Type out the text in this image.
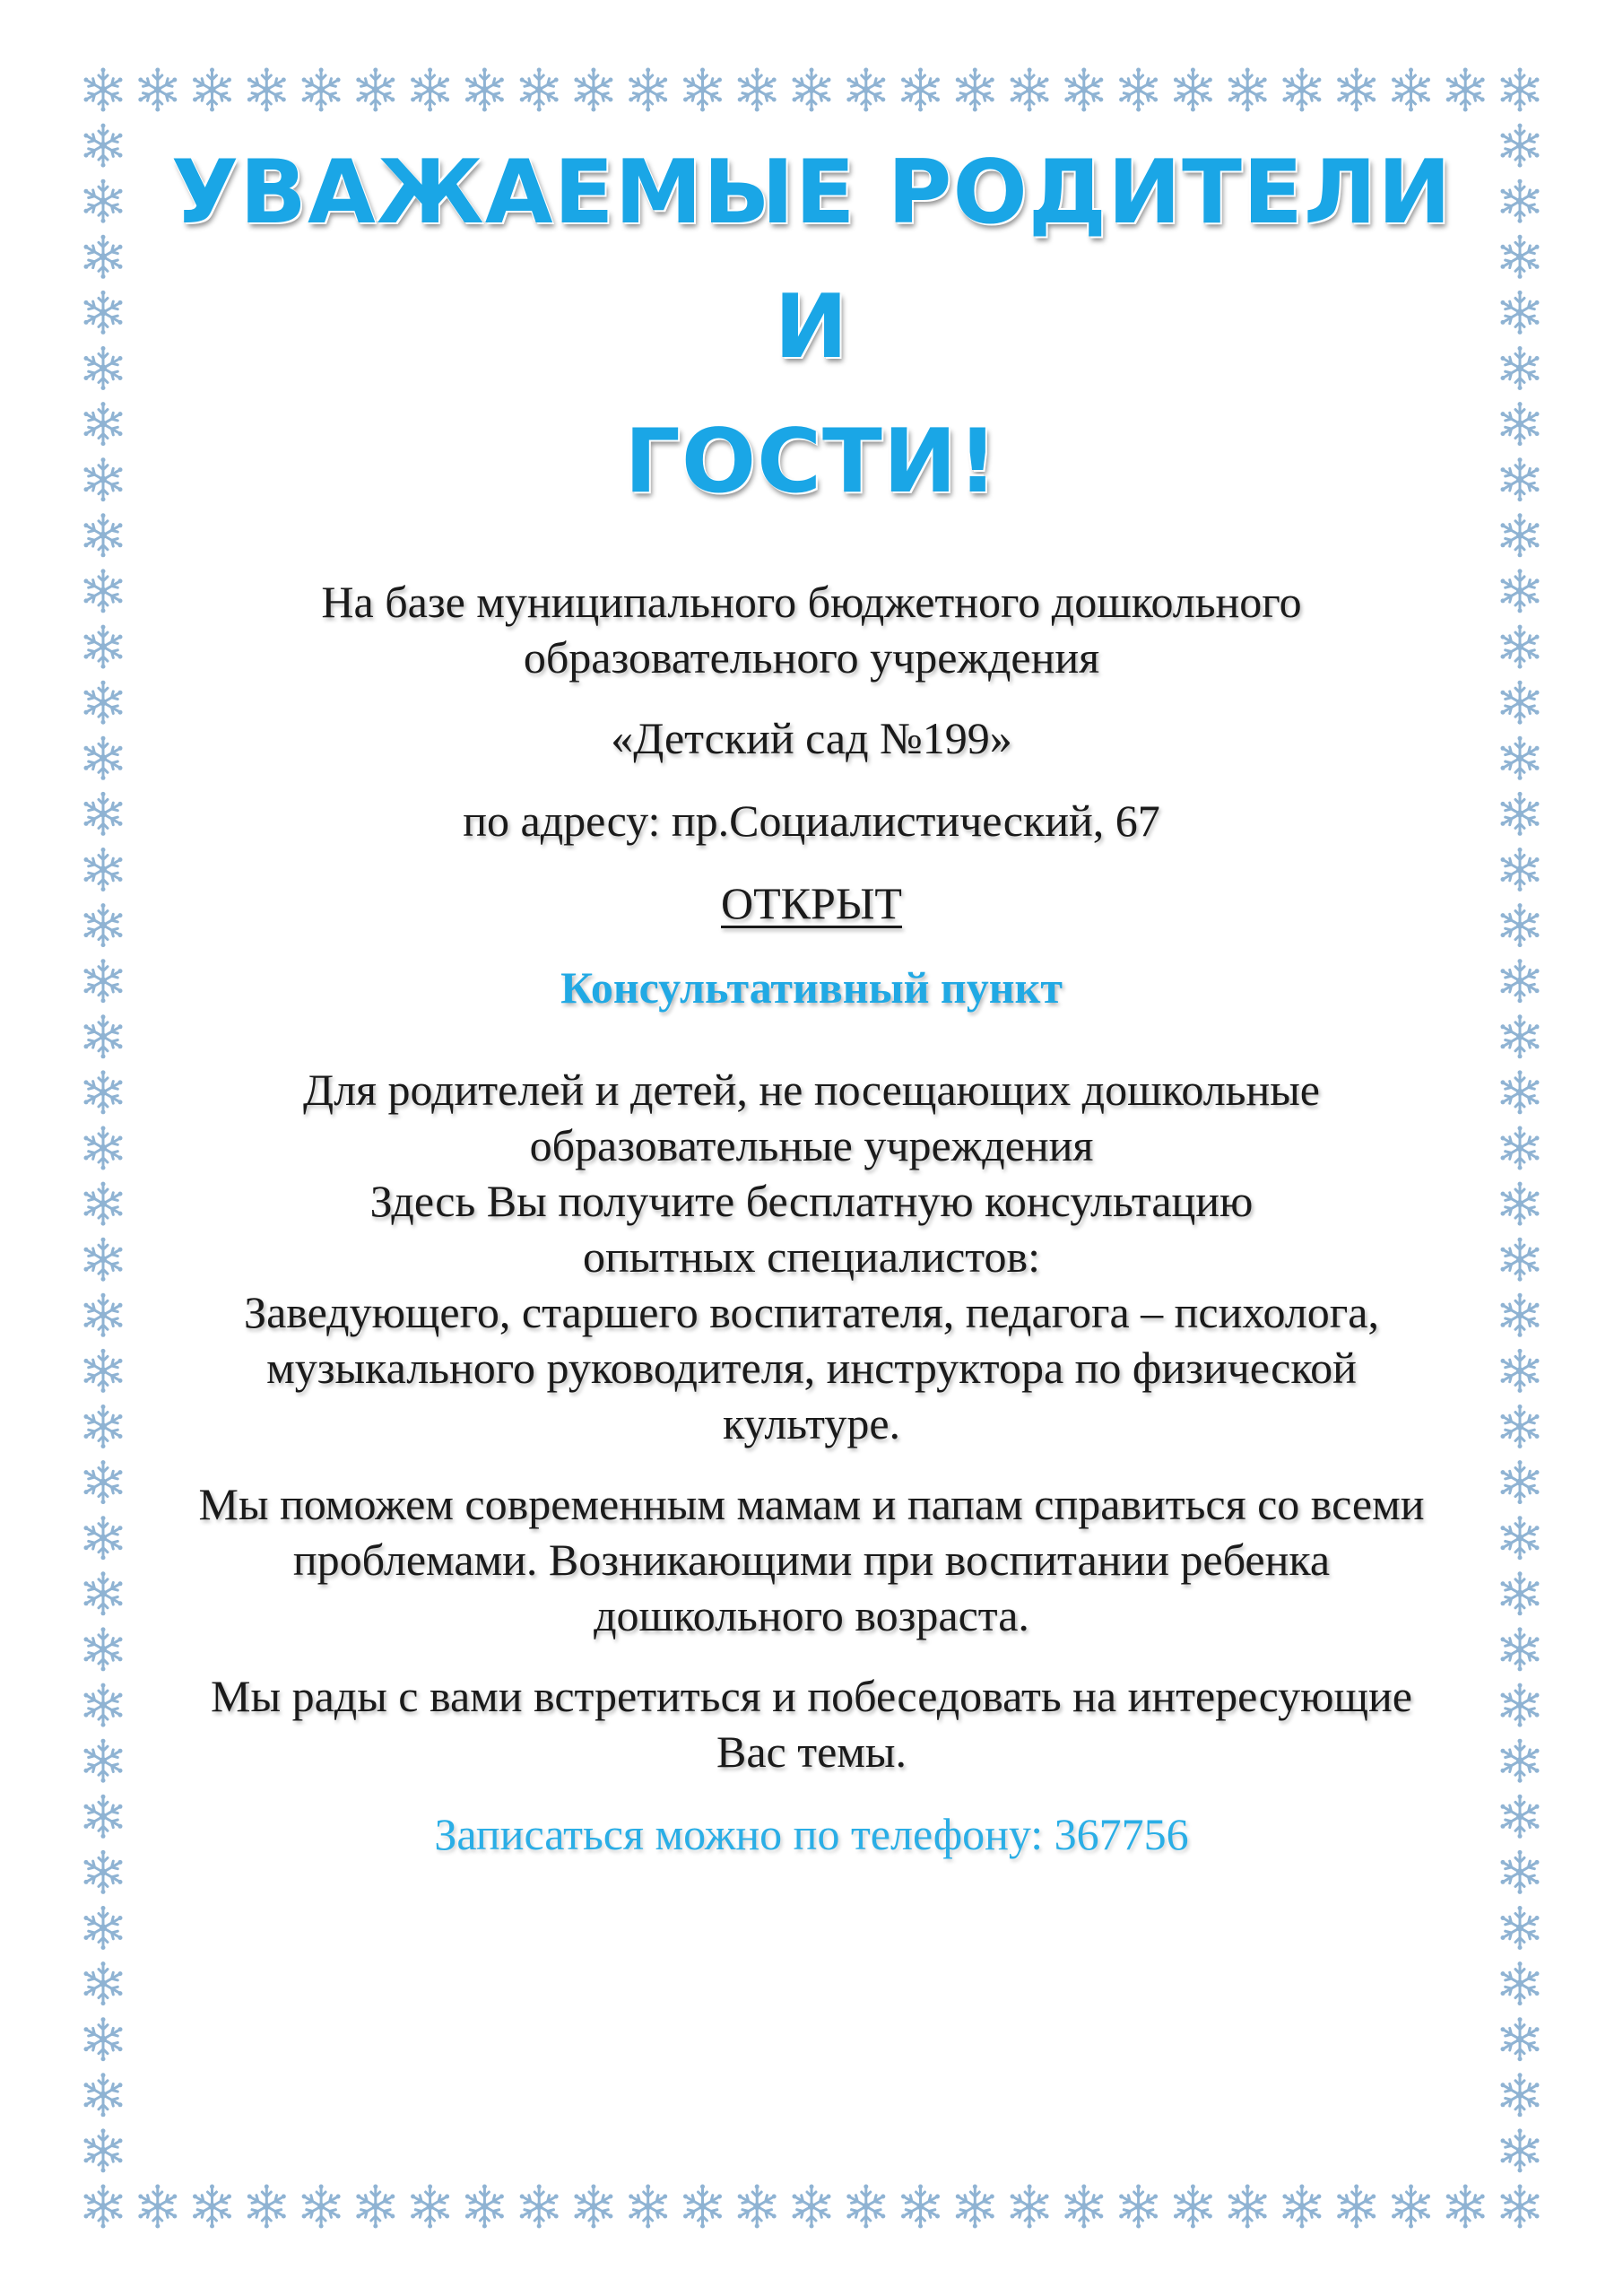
УВАЖАЕМЫЕ РОДИТЕЛИ И
ГОСТИ!

На базе муниципального бюджетного дошкольного
образовательного учреждения

«Детский сад №199»

по адресу: пр.Социалистический, 67

ОТКРЫТ

Консультативный пункт

Для родителей и детей, не посещающих дошкольные
образовательные учреждения
Здесь Вы получите бесплатную консультацию
опытных специалистов:
Заведующего, старшего воспитателя, педагога – психолога,
музыкального руководителя, инструктора по физической
культуре.

Мы поможем современным мамам и папам справиться со всеми
проблемами. Возникающими при воспитании ребенка
дошкольного возраста.

Мы рады с вами встретиться и побеседовать на интересующие
Вас темы.

Записаться можно по телефону: 367756
